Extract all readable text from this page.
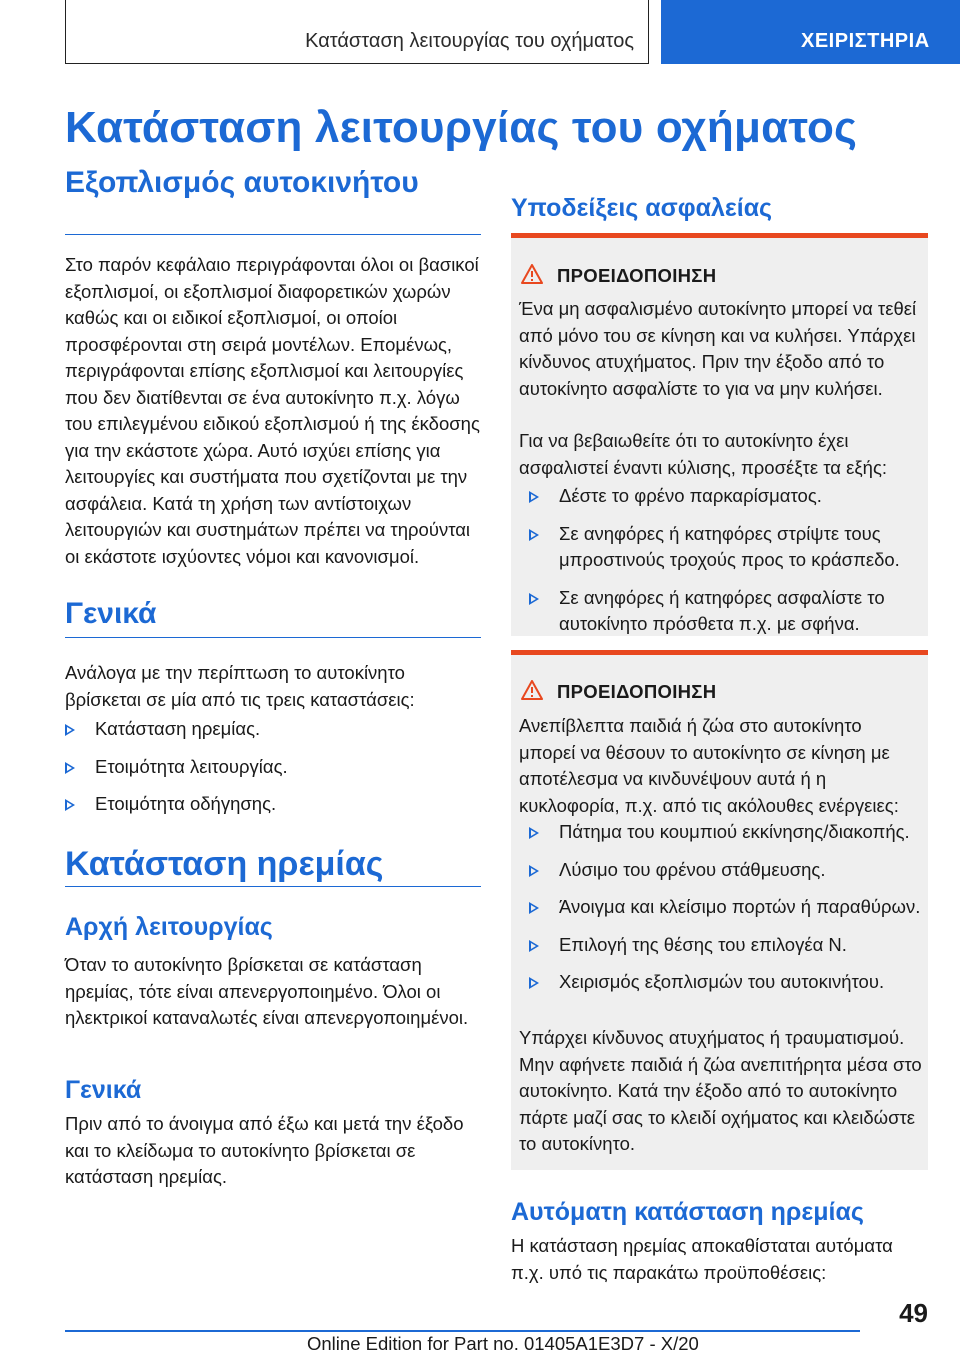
Κατάσταση λειτουργίας του οχήματος	ΧΕΙΡΙΣΤΗΡΙΑ
Κατάσταση λειτουργίας του οχήματος
Εξοπλισμός αυτοκινήτου

Στο παρόν κεφάλαιο περιγράφονται όλοι οι βασικοί εξοπλισμοί, οι εξοπλισμοί διαφορετικών χωρών καθώς και οι ειδικοί εξοπλισμοί, οι οποίοι προσφέρονται στη σειρά μοντέλων. Επομένως, περιγράφονται επίσης εξοπλισμοί και λειτουργίες που δεν διατίθενται σε ένα αυτοκίνητο π.χ. λόγω του επιλεγμένου ειδικού εξοπλισμού ή της έκδοσης για την εκάστοτε χώρα. Αυτό ισχύει επίσης για λειτουργίες και συστήματα που σχετίζονται με την ασφάλεια. Κατά τη χρήση των αντίστοιχων λειτουργιών και συστημάτων πρέπει να τηρούνται οι εκάστοτε ισχύοντες νόμοι και κανονισμοί.

Γενικά

Ανάλογα με την περίπτωση το αυτοκίνητο βρίσκεται σε μία από τις τρεις καταστάσεις:

Κατάσταση ηρεμίας.
Ετοιμότητα λειτουργίας.
Ετοιμότητα οδήγησης.
Κατάσταση ηρεμίας
Αρχή λειτουργίας

Όταν το αυτοκίνητο βρίσκεται σε κατάσταση ηρεμίας, τότε είναι απενεργοποιημένο. Όλοι οι ηλεκτρικοί καταναλωτές είναι απενεργοποιημένοι.

Γενικά

Πριν από το άνοιγμα από έξω και μετά την έξοδο και το κλείδωμα το αυτοκίνητο βρίσκεται σε κατάσταση ηρεμίας.

Υποδείξεις ασφαλείας
ΠΡΟΕΙΔΟΠΟΙΗΣΗ

Ένα μη ασφαλισμένο αυτοκίνητο μπορεί να τεθεί από μόνο του σε κίνηση και να κυλήσει. Υπάρχει κίνδυνος ατυχήματος. Πριν την έξοδο από το αυτοκίνητο ασφαλίστε το για να μην κυλήσει.

Για να βεβαιωθείτε ότι το αυτοκίνητο έχει ασφαλιστεί έναντι κύλισης, προσέξτε τα εξής:

Δέστε το φρένο παρκαρίσματος.
Σε ανηφόρες ή κατηφόρες στρίψτε τους μπροστινούς τροχούς προς το κράσπεδο.
Σε ανηφόρες ή κατηφόρες ασφαλίστε το αυτοκίνητο πρόσθετα π.χ. με σφήνα.
ΠΡΟΕΙΔΟΠΟΙΗΣΗ

Ανεπίβλεπτα παιδιά ή ζώα στο αυτοκίνητο μπορεί να θέσουν το αυτοκίνητο σε κίνηση με αποτέλεσμα να κινδυνέψουν αυτά ή η κυκλοφορία, π.χ. από τις ακόλουθες ενέργειες:

Πάτημα του κουμπιού εκκίνησης/διακοπής.
Λύσιμο του φρένου στάθμευσης.
Άνοιγμα και κλείσιμο πορτών ή παραθύρων.
Επιλογή της θέσης του επιλογέα N.
Χειρισμός εξοπλισμών του αυτοκινήτου.

Υπάρχει κίνδυνος ατυχήματος ή τραυματισμού. Μην αφήνετε παιδιά ή ζώα ανεπιτήρητα μέσα στο αυτοκίνητο. Κατά την έξοδο από το αυτοκίνητο πάρτε μαζί σας το κλειδί οχήματος και κλειδώστε το αυτοκίνητο.

Αυτόματη κατάσταση ηρεμίας

Η κατάσταση ηρεμίας αποκαθίσταται αυτόματα π.χ. υπό τις παρακάτω προϋποθέσεις:

49
Online Edition for Part no. 01405A1E3D7 - X/20
